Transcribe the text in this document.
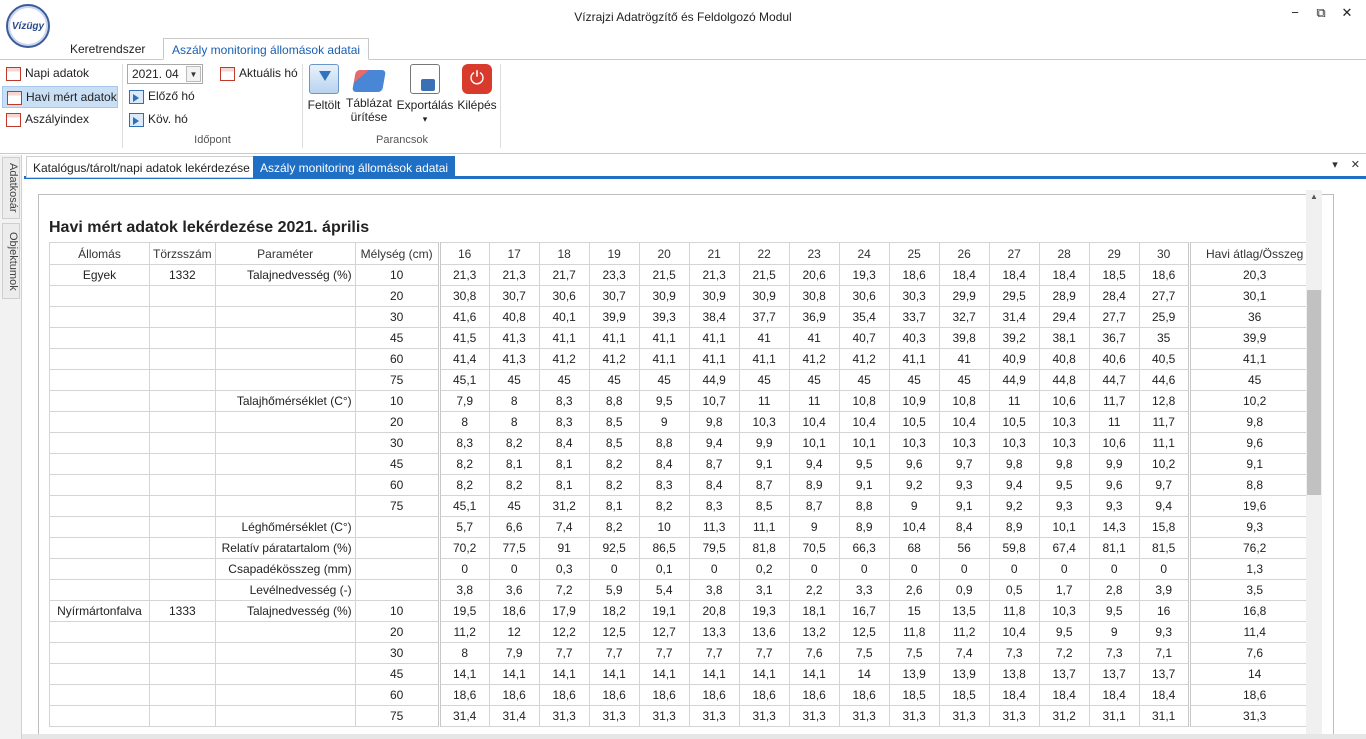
Vízügy
Vízrajzi Adatrögzítő és Feldolgozó Modul	−	⧉	✕
Keretrendszer	Aszály monitoring állomások adatai
Napi adatok
Havi mért adatok
Aszályindex
2021. 04	▼	Aktuális hó
Előző hó
Köv. hó
Időpont
Feltölt Táblázat
ürítése
Exportálás
▾
⏻
Kilépés
Parancsok
Adatkosár
Objektumok
Katalógus/tárolt/napi adatok lekérdezése Aszály monitoring állomások adatai	▾ ✕
Havi mért adatok lekérdezése 2021. április
Állomás	Törzsszám	Paraméter	Mélység (cm)	16	17	18	19	20	21	22	23	24	25	26	27	28	29	30	Havi átlag/Összeg
Egyek	1332	Talajnedvesség (%)	10	21,3	21,3	21,7	23,3	21,5	21,3	21,5	20,6	19,3	18,6	18,4	18,4	18,4	18,5	18,6	20,3
			20	30,8	30,7	30,6	30,7	30,9	30,9	30,9	30,8	30,6	30,3	29,9	29,5	28,9	28,4	27,7	30,1
			30	41,6	40,8	40,1	39,9	39,3	38,4	37,7	36,9	35,4	33,7	32,7	31,4	29,4	27,7	25,9	36
			45	41,5	41,3	41,1	41,1	41,1	41,1	41	41	40,7	40,3	39,8	39,2	38,1	36,7	35	39,9
			60	41,4	41,3	41,2	41,2	41,1	41,1	41,1	41,2	41,2	41,1	41	40,9	40,8	40,6	40,5	41,1
			75	45,1	45	45	45	45	44,9	45	45	45	45	45	44,9	44,8	44,7	44,6	45
		Talajhőmérséklet (C°)	10	7,9	8	8,3	8,8	9,5	10,7	11	11	10,8	10,9	10,8	11	10,6	11,7	12,8	10,2
			20	8	8	8,3	8,5	9	9,8	10,3	10,4	10,4	10,5	10,4	10,5	10,3	11	11,7	9,8
			30	8,3	8,2	8,4	8,5	8,8	9,4	9,9	10,1	10,1	10,3	10,3	10,3	10,3	10,6	11,1	9,6
			45	8,2	8,1	8,1	8,2	8,4	8,7	9,1	9,4	9,5	9,6	9,7	9,8	9,8	9,9	10,2	9,1
			60	8,2	8,2	8,1	8,2	8,3	8,4	8,7	8,9	9,1	9,2	9,3	9,4	9,5	9,6	9,7	8,8
			75	45,1	45	31,2	8,1	8,2	8,3	8,5	8,7	8,8	9	9,1	9,2	9,3	9,3	9,4	19,6
		Léghőmérséklet (C°)		5,7	6,6	7,4	8,2	10	11,3	11,1	9	8,9	10,4	8,4	8,9	10,1	14,3	15,8	9,3
		Relatív páratartalom (%)		70,2	77,5	91	92,5	86,5	79,5	81,8	70,5	66,3	68	56	59,8	67,4	81,1	81,5	76,2
		Csapadékösszeg (mm)		0	0	0,3	0	0,1	0	0,2	0	0	0	0	0	0	0	0	1,3
		Levélnedvesség (-)		3,8	3,6	7,2	5,9	5,4	3,8	3,1	2,2	3,3	2,6	0,9	0,5	1,7	2,8	3,9	3,5
Nyírmártonfalva	1333	Talajnedvesség (%)	10	19,5	18,6	17,9	18,2	19,1	20,8	19,3	18,1	16,7	15	13,5	11,8	10,3	9,5	16	16,8
			20	11,2	12	12,2	12,5	12,7	13,3	13,6	13,2	12,5	11,8	11,2	10,4	9,5	9	9,3	11,4
			30	8	7,9	7,7	7,7	7,7	7,7	7,7	7,6	7,5	7,5	7,4	7,3	7,2	7,3	7,1	7,6
			45	14,1	14,1	14,1	14,1	14,1	14,1	14,1	14,1	14	13,9	13,9	13,8	13,7	13,7	13,7	14
			60	18,6	18,6	18,6	18,6	18,6	18,6	18,6	18,6	18,6	18,5	18,5	18,4	18,4	18,4	18,4	18,6
			75	31,4	31,4	31,3	31,3	31,3	31,3	31,3	31,3	31,3	31,3	31,3	31,3	31,2	31,1	31,1	31,3
▲
